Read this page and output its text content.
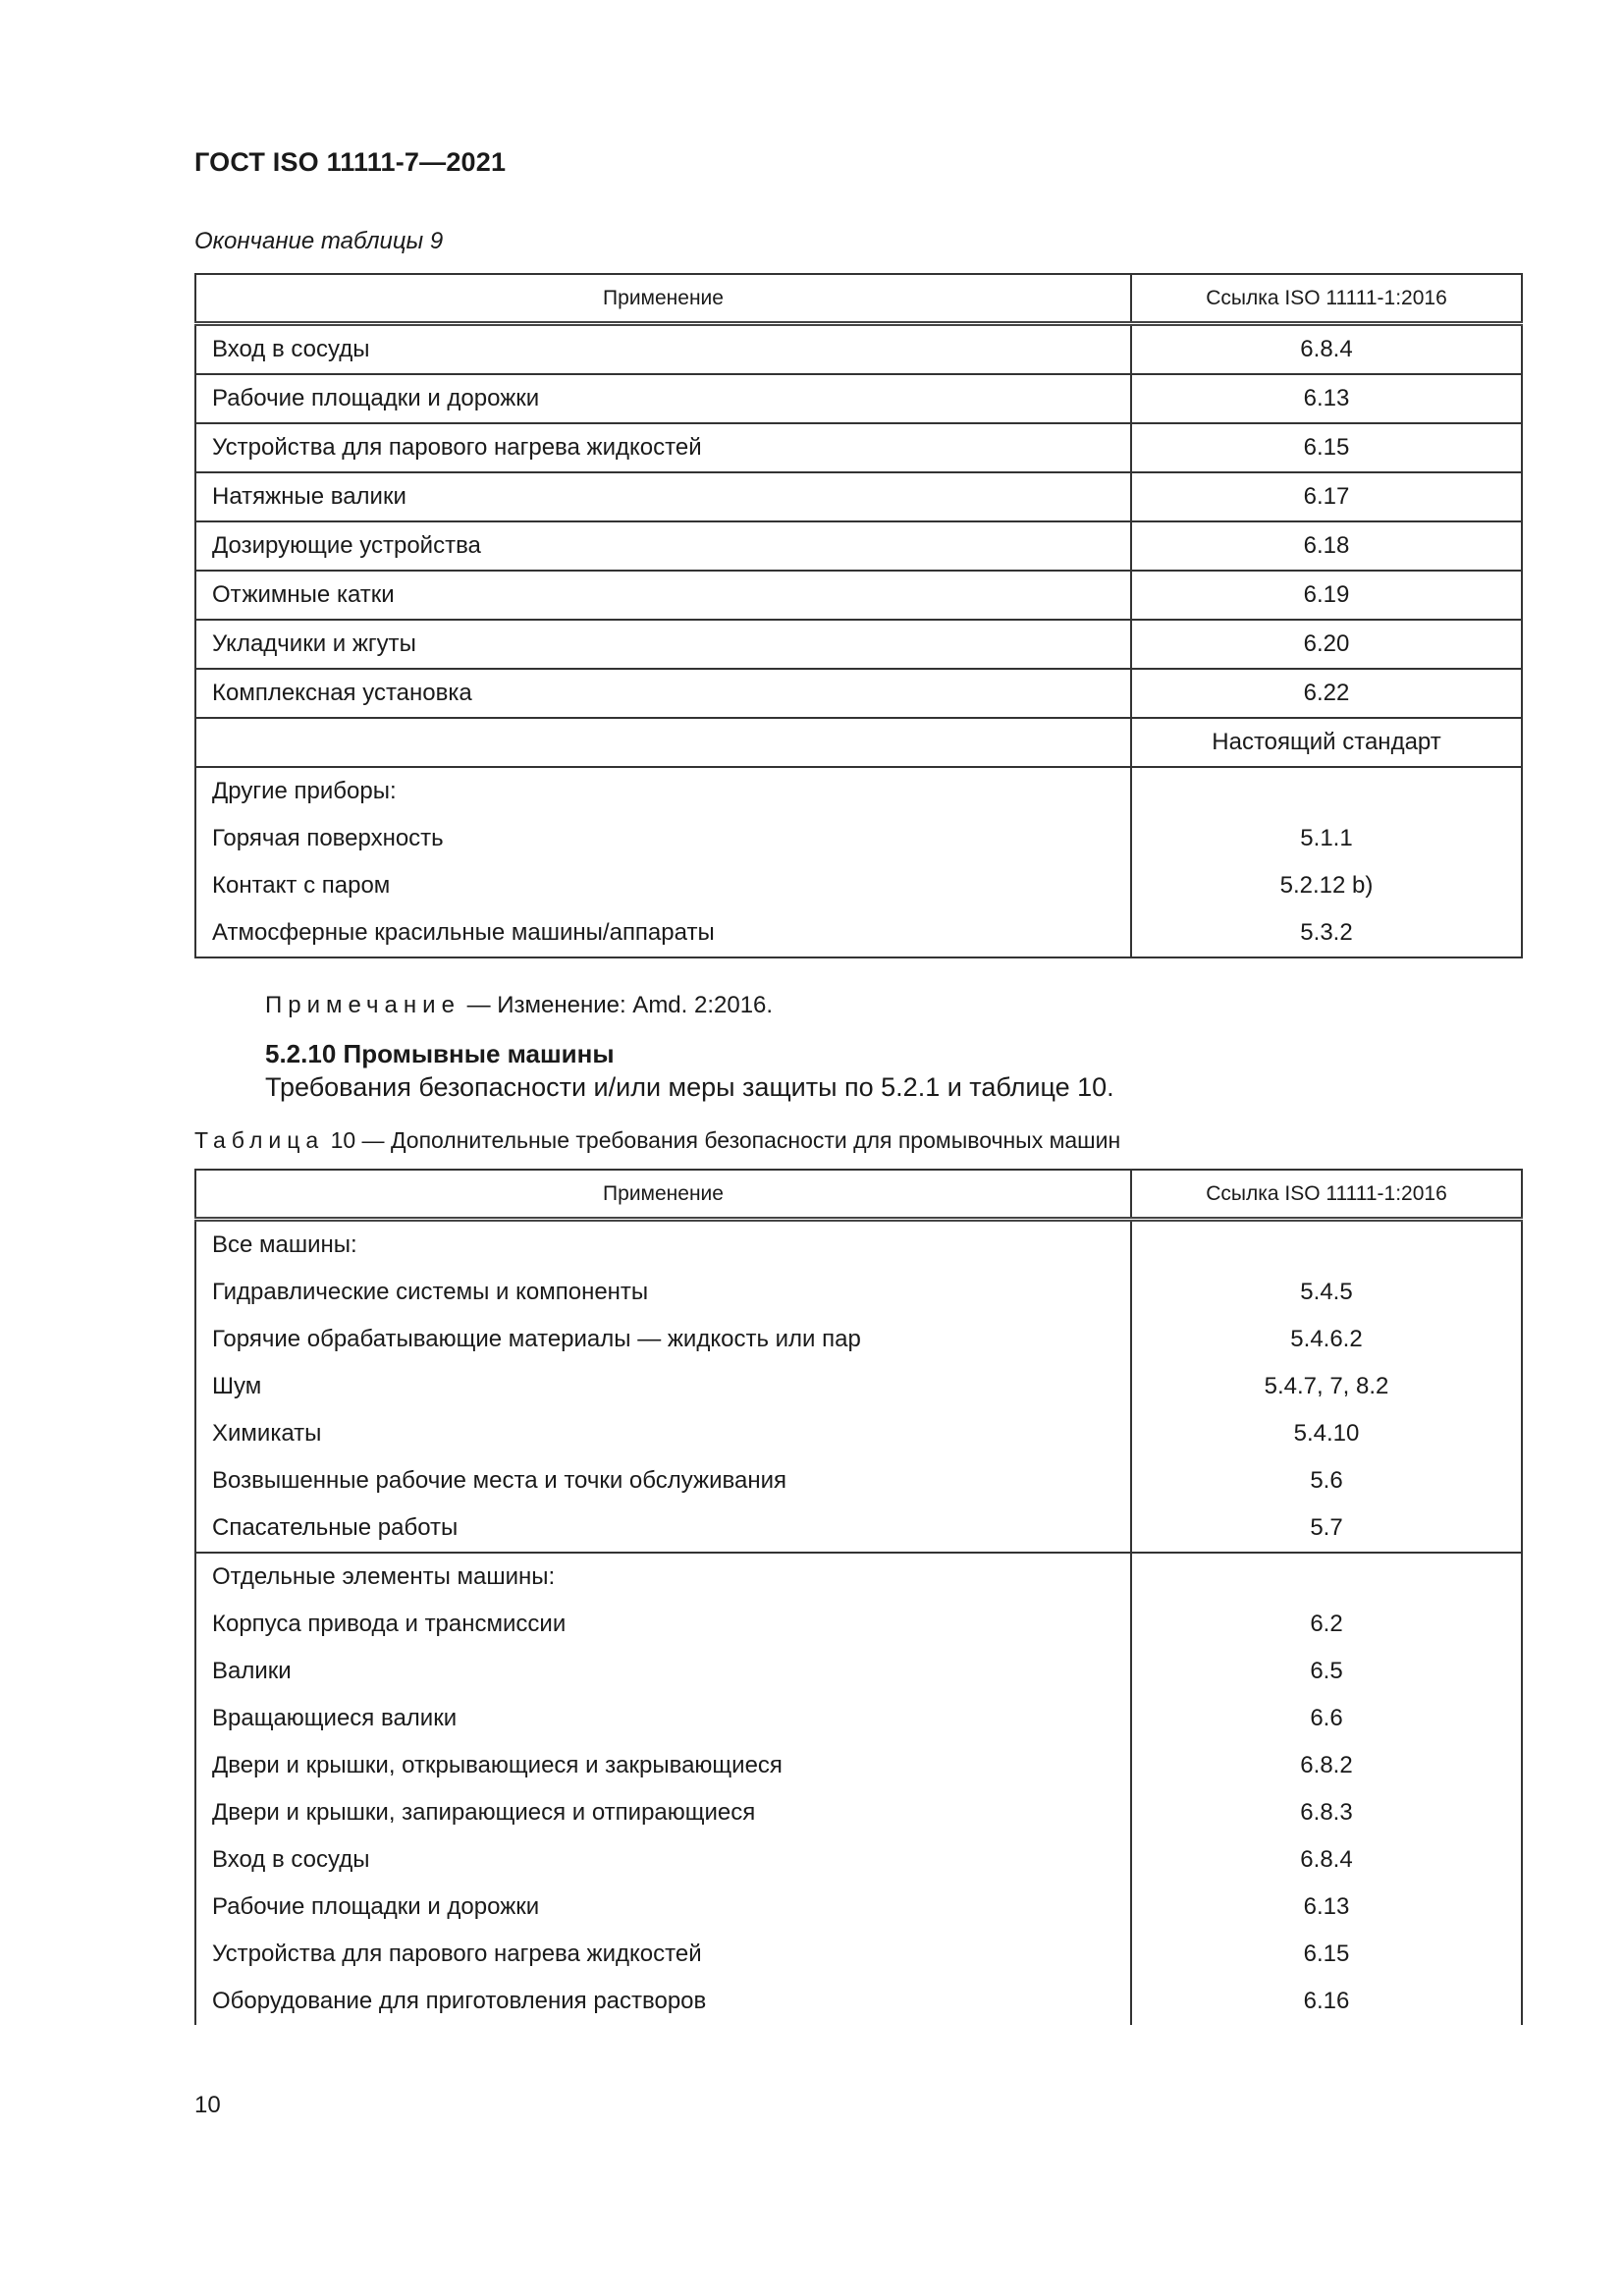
ГОСТ ISO 11111-7—2021
Окончание таблицы 9
Применение	Ссылка ISO 11111-1:2016
Вход в сосуды	6.8.4
Рабочие площадки и дорожки	6.13
Устройства для парового нагрева жидкостей	6.15
Натяжные валики	6.17
Дозирующие устройства	6.18
Отжимные катки	6.19
Укладчики и жгуты	6.20
Комплексная установка	6.22
	Настоящий стандарт
Другие приборы:	
Горячая поверхность	5.1.1
Контакт с паром	5.2.12 b)
Атмосферные красильные машины/аппараты	5.3.2
Примечание — Изменение: Amd. 2:2016.
5.2.10 Промывные машины
Требования безопасности и/или меры защиты по 5.2.1 и таблице 10.
Таблица 10 — Дополнительные требования безопасности для промывочных машин
Применение	Ссылка ISO 11111-1:2016
Все машины:	
Гидравлические системы и компоненты	5.4.5
Горячие обрабатывающие материалы — жидкость или пар	5.4.6.2
Шум	5.4.7, 7, 8.2
Химикаты	5.4.10
Возвышенные рабочие места и точки обслуживания	5.6
Спасательные работы	5.7
Отдельные элементы машины:	
Корпуса привода и трансмиссии	6.2
Валики	6.5
Вращающиеся валики	6.6
Двери и крышки, открывающиеся и закрывающиеся	6.8.2
Двери и крышки, запирающиеся и отпирающиеся	6.8.3
Вход в сосуды	6.8.4
Рабочие площадки и дорожки	6.13
Устройства для парового нагрева жидкостей	6.15
Оборудование для приготовления растворов	6.16
10
